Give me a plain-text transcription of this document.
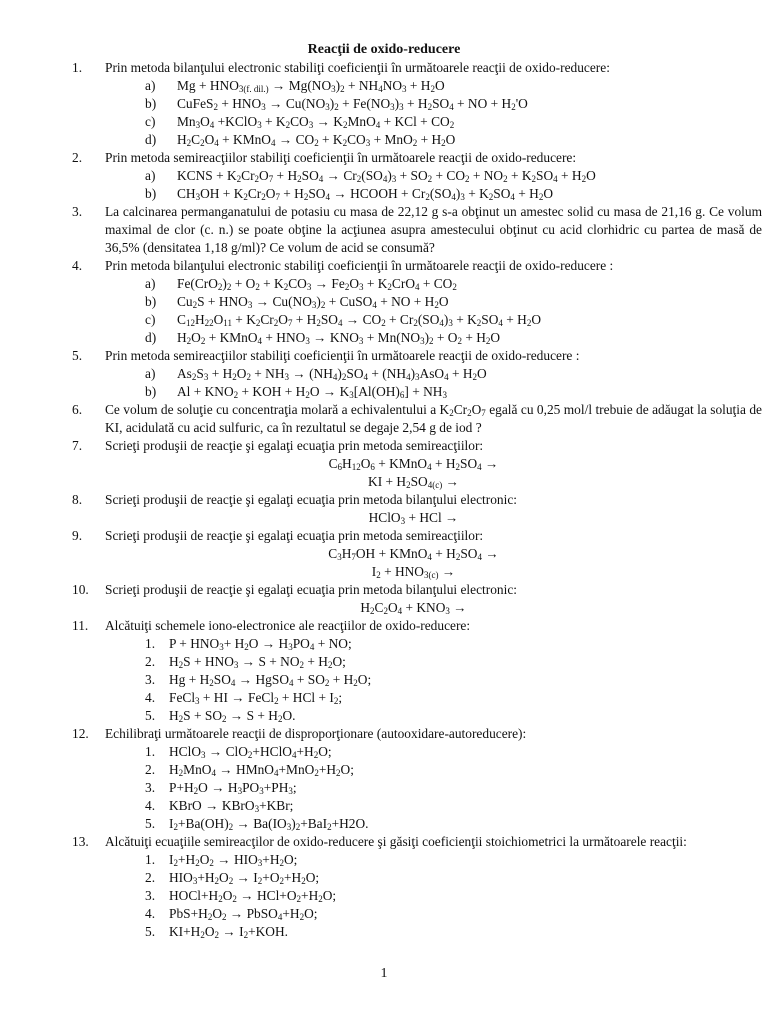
Reacţii de oxido-reducere
1. Prin metoda bilanţului electronic stabiliţi coeficienţii în următoarele reacţii de oxido-reducere:
a) $Mg + HNO_{3(f. dil.)} \to Mg(NO_3)_2 + NH_4NO_3 + H_2O$
b) CuFeS$_2$ + $HNO_3 \to Cu(NO_3)_2 + Fe(NO_3)_3 + H_2SO_4$ + NO + $H_2'O$
c) $Mn_3O_4$ +KClO$_3$ + $K_2CO_3 \to K_2MnO_4$ + KCl + $CO_2$
d) $H_2C_2O_4$ + KMnO$_4$ → $CO_2 + K_2CO_3 + MnO_2 + H_2O$
2. Prin metoda semireacţiilor stabiliţi coeficienţii în următoarele reacţii de oxido-reducere:
a) KCNS + $K_2Cr_2O_7 + H_2SO_4 \to Cr_2(SO_4)_3 + SO_2 + CO_2 + NO_2 + K_2SO_4 + H_2O$
b) $CH_3OH + K_2Cr_2O_7 + H_2SO_4$ → HCOOH + $Cr_2(SO_4)_3 + K_2SO_4 + H_2O$
3. La calcinarea permanganatului de potasiu cu masa de 22,12 g s-a obţinut un amestec solid cu masa de 21,16 g. Ce volum maximal de clor (c. n.) se poate obţine la acţiunea asupra amestecului obţinut cu acid clorhidric cu partea de masă de 36,5% (densitatea 1,18 g/ml)? Ce volum de acid se consumă?
4. Prin metoda bilanţului electronic stabiliţi coeficienţii în următoarele reacţii de oxido-reducere :
a) $Fe(CrO_2)_2 + O_2 + K_2CO_3 \to Fe_2O_3 + K_2CrO_4 + CO_2$
b) $Cu_2S + HNO_3 \to Cu(NO_3)_2$ + CuSO$_4$ + NO + $H_2O$
c) $C_{12}H_{22}O_{11} + K_2Cr_2O_7 + H_2SO_4 \to CO_2 + Cr_2(SO_4)_3 + K_2SO_4 + H_2O$
d) $H_2O_2$ + KMnO$_4$ + $HNO_3 \to KNO_3 + Mn(NO_3)_2 + O_2 + H_2O$
5. Prin metoda semireacţiilor stabiliţi coeficienţii în următoarele reacţii de oxido-reducere :
a) $As_2S_3 + H_2O_2 + NH_3 \to (NH_4)_2SO_4 + (NH_4)_3AsO_4 + H_2O$
b) $Al + KNO_2$ + KOH + $H_2O \to K_3[Al(OH)_6] + NH_3$
6. Ce volum de soluţie cu concentraţia molară a echivalentului a $K_2Cr_2O_7$ egală cu 0,25 mol/l trebuie de adăugat la soluţia de KI, acidulată cu acid sulfuric, ca în rezultatul se degaje 2,54 g de iod ?
7. Scrieţi produşii de reacţie şi egalaţi ecuaţia prin metoda semireacţiilor:
$C_6H_{12}O_6$ + KMnO$_4$ + $H_2SO_4$ →
KI + $H_2SO_{4(c)}$ →
8. Scrieţi produşii de reacţie şi egalaţi ecuaţia prin metoda bilanţului electronic:
HClO$_3$ + HCl →
9. Scrieţi produşii de reacţie şi egalaţi ecuaţia prin metoda semireacţiilor:
$C_3H_7OH$ + KMnO$_4$ + $H_2SO_4$ →
$I_2 + HNO_{3(c)}$ →
10. Scrieţi produşii de reacţie şi egalaţi ecuaţia prin metoda bilanţului electronic:
$H_2C_2O_4 + KNO_3$ →
11. Alcătuiţi schemele iono-electronice ale reacţiilor de oxido-reducere:
1. $P + HNO_3+ H_2O \to H_3PO_4$ + NO;
2. $H_2S + HNO_3 \to S + NO_2 + H_2O$;
3. $Hg + H_2SO_4$ → HgSO$_4$ + $SO_2 + H_2O$;
4. FeCl$_3$ + HI → FeCl$_2$ + HCl + $I_2$;
5. $H_2S + SO_2 \to S + H_2O$.
12. Echilibraţi următoarele reacţii de disproporţionare (autooxidare-autoreducere):
1. HClO$_3$ → $ClO_2+HClO_4+H_2O$;
2. $H_2MnO_4$ → $HMnO_4+MnO_2+H_2O$;
3. $P+H_2O \to H_3PO_3+PH_3$;
4. KBrO → KBrO$_3$+KBr;
5. $I_2+Ba(OH)_2 \to Ba(IO_3)_2+BaI_2+H2O$.
13. Alcătuiţi ecuaţiile semireacţilor de oxido-reducere şi găsiţi coeficienţii stoichiometrici la următoarele reacţii:
1. $I_2+H_2O_2 \to HIO_3+H_2O$;
2. $HIO_3+H_2O_2 \to I_2+O_2+H_2O$;
3. $HOCl+H_2O_2 \to HCl+O_2+H_2O$;
4. $PbS+H_2O_2$ → $PbSO_4+H_2O$;
5. $KI+H_2O_2 \to I_2+KOH$.
1
